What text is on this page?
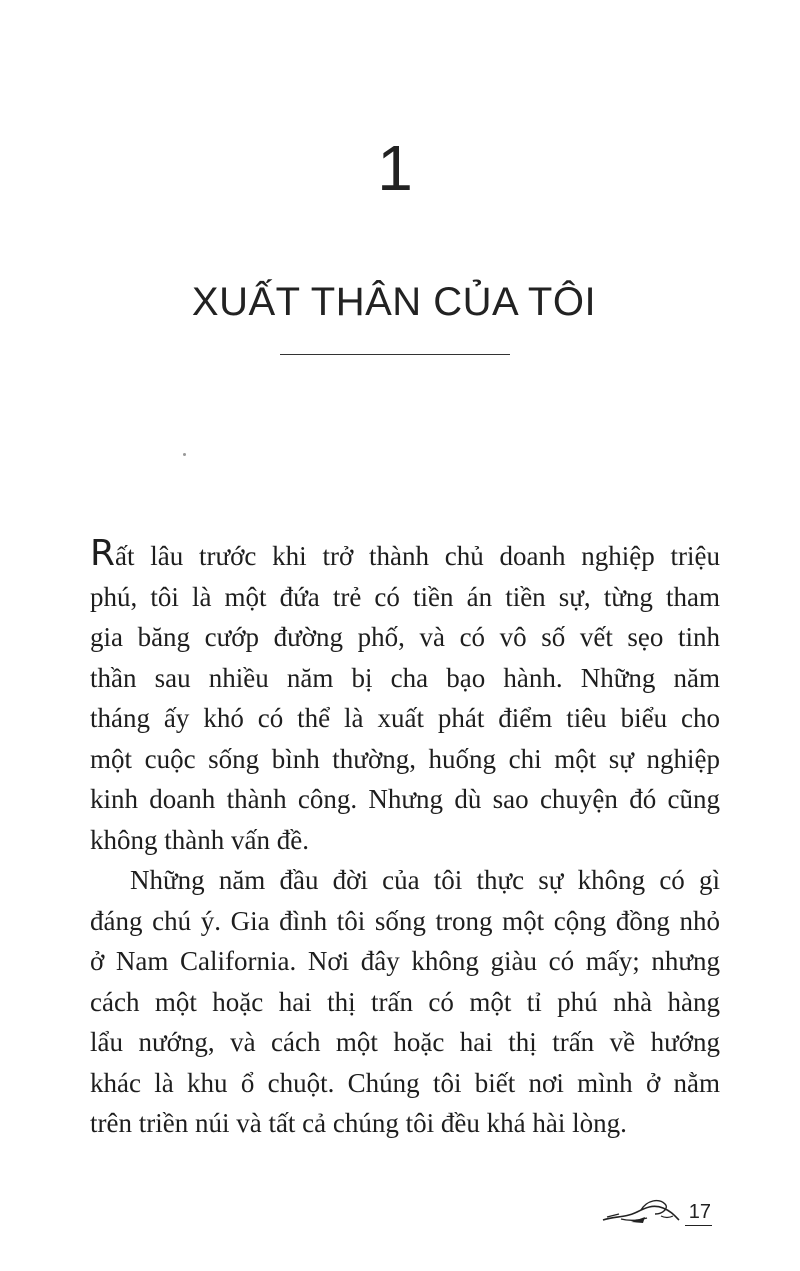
1
XUẤT THÂN CỦA TÔI
Rất lâu trước khi trở thành chủ doanh nghiệp triệu
phú, tôi là một đứa trẻ có tiền án tiền sự, từng tham
gia băng cướp đường phố, và có vô số vết sẹo tinh
thần sau nhiều năm bị cha bạo hành. Những năm
tháng ấy khó có thể là xuất phát điểm tiêu biểu cho
một cuộc sống bình thường, huống chi một sự nghiệp
kinh doanh thành công. Nhưng dù sao chuyện đó cũng
không thành vấn đề.
Những năm đầu đời của tôi thực sự không có gì
đáng chú ý. Gia đình tôi sống trong một cộng đồng nhỏ
ở Nam California. Nơi đây không giàu có mấy; nhưng
cách một hoặc hai thị trấn có một tỉ phú nhà hàng
lẩu nướng, và cách một hoặc hai thị trấn về hướng
khác là khu ổ chuột. Chúng tôi biết nơi mình ở nằm
trên triền núi và tất cả chúng tôi đều khá hài lòng.
17
